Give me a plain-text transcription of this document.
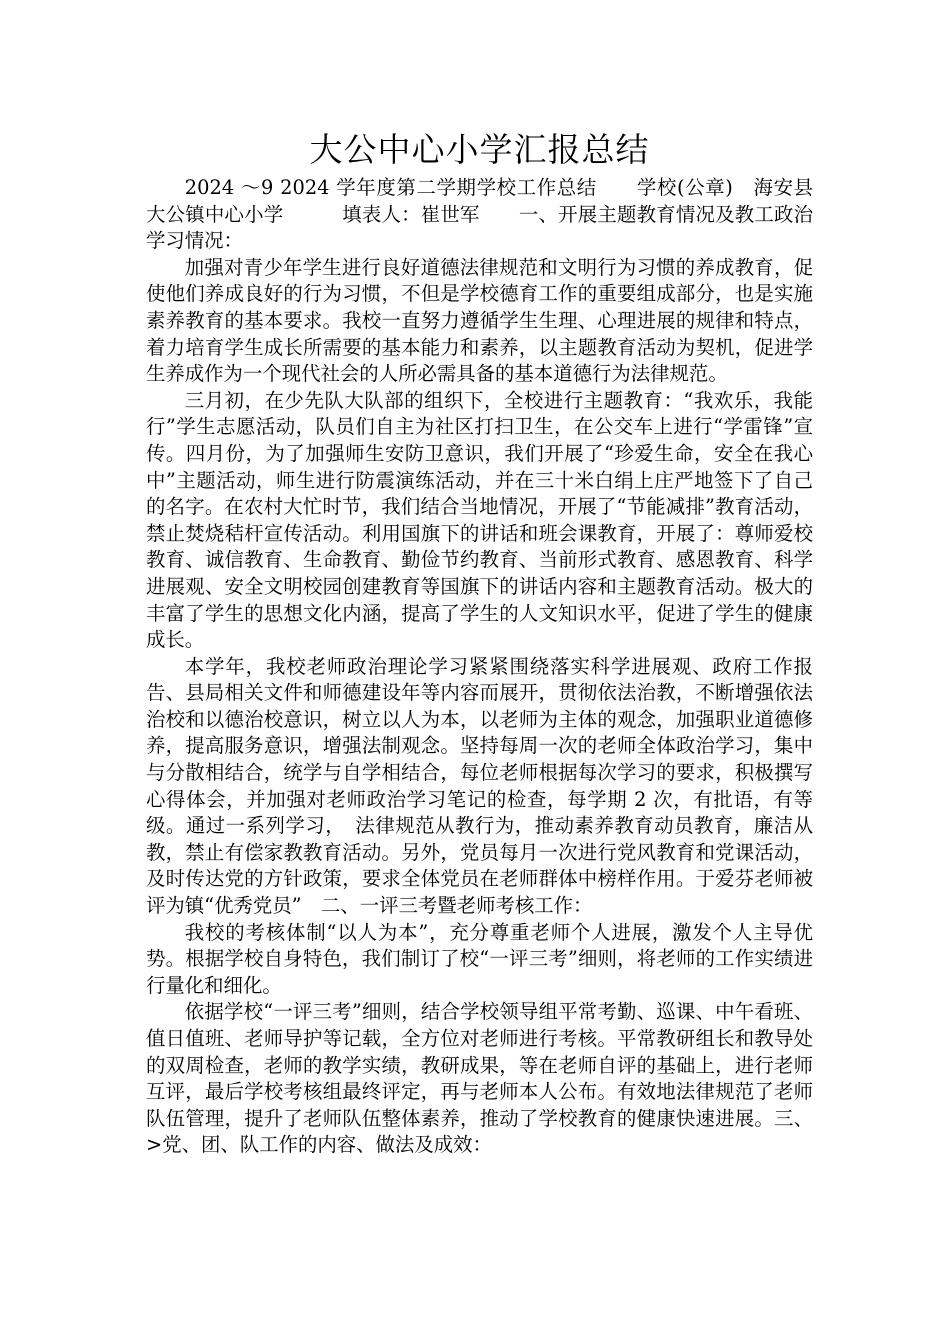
大公中心小学汇报总结

2024 ～9 2024 学年度第二学期学校工作总结　　学校(公章)　海安县大公镇中心小学　　　填表人：崔世军　　一、开展主题教育情况及教工政治学习情况：

加强对青少年学生进行良好道德法律规范和文明行为习惯的养成教育，促使他们养成良好的行为习惯，不但是学校德育工作的重要组成部分，也是实施素养教育的基本要求。我校一直努力遵循学生生理、心理进展的规律和特点，着力培育学生成长所需要的基本能力和素养，以主题教育活动为契机，促进学生养成作为一个现代社会的人所必需具备的基本道德行为法律规范。

三月初，在少先队大队部的组织下，全校进行主题教育：“我欢乐，我能行”学生志愿活动，队员们自主为社区打扫卫生，在公交车上进行“学雷锋”宣传。四月份，为了加强师生安防卫意识，我们开展了“珍爱生命，安全在我心中”主题活动，师生进行防震演练活动，并在三十米白绢上庄严地签下了自己的名字。在农村大忙时节，我们结合当地情况，开展了“节能减排”教育活动，禁止焚烧秸杆宣传活动。利用国旗下的讲话和班会课教育，开展了：尊师爱校教育、诚信教育、生命教育、勤俭节约教育、当前形式教育、感恩教育、科学进展观、安全文明校园创建教育等国旗下的讲话内容和主题教育活动。极大的丰富了学生的思想文化内涵，提高了学生的人文知识水平，促进了学生的健康成长。

本学年，我校老师政治理论学习紧紧围绕落实科学进展观、政府工作报告、县局相关文件和师德建设年等内容而展开，贯彻依法治教，不断增强依法治校和以德治校意识，树立以人为本，以老师为主体的观念，加强职业道德修养，提高服务意识，增强法制观念。坚持每周一次的老师全体政治学习，集中与分散相结合，统学与自学相结合，每位老师根据每次学习的要求，积极撰写心得体会，并加强对老师政治学习笔记的检查，每学期 2 次，有批语，有等级。通过一系列学习，　法律规范从教行为，推动素养教育动员教育，廉洁从教，禁止有偿家教教育活动。另外，党员每月一次进行党风教育和党课活动，及时传达党的方针政策，要求全体党员在老师群体中榜样作用。于爱芬老师被评为镇“优秀党员”　二、一评三考暨老师考核工作：

我校的考核体制“以人为本”，充分尊重老师个人进展，激发个人主导优势。根据学校自身特色，我们制订了校“一评三考”细则，将老师的工作实绩进行量化和细化。

依据学校“一评三考”细则，结合学校领导组平常考勤、巡课、中午看班、值日值班、老师导护等记载，全方位对老师进行考核。平常教研组长和教导处的双周检查，老师的教学实绩，教研成果，等在老师自评的基础上，进行老师互评，最后学校考核组最终评定，再与老师本人公布。有效地法律规范了老师队伍管理，提升了老师队伍整体素养，推动了学校教育的健康快速进展。三、>党、团、队工作的内容、做法及成效：
